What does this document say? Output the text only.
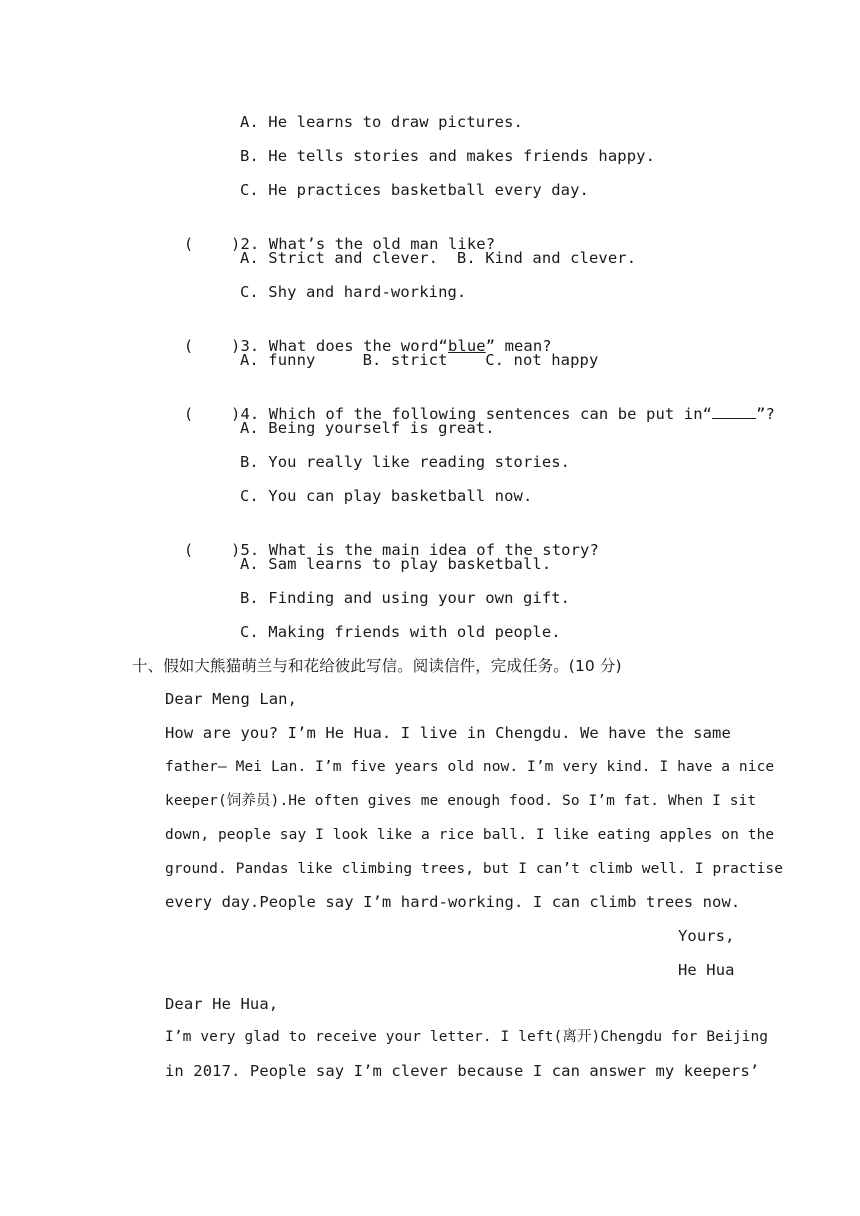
A. He learns to draw pictures.
B. He tells stories and makes friends happy.
C. He practices basketball every day.

(    )2. What’s the old man like?

A. Strict and clever.  B. Kind and clever.
C. Shy and hard-working.

(    )3. What does the word“blue” mean?

A. funny     B. strict    C. not happy

(    )4. Which of the following sentences can be put in“	”?

A. Being yourself is great.
B. You really like reading stories.
C. You can play basketball now.

(    )5. What is the main idea of the story?

A. Sam learns to play basketball.
B. Finding and using your own gift.
C. Making friends with old people.
十、假如大熊猫萌兰与和花给彼此写信。阅读信件，完成任务。(10 分)
Dear Meng Lan,
How are you? I’m He Hua. I live in Chengdu. We have the same
father— Mei Lan. I’m five years old now. I’m very kind. I have a nice
keeper(饲养员).He often gives me enough food. So I’m fat. When I sit
down, people say I look like a rice ball. I like eating apples on the
ground. Pandas like climbing trees, but I can’t climb well. I practise
every day.People say I’m hard-working. I can climb trees now.
Yours,
He Hua
Dear He Hua,
I’m very glad to receive your letter. I left(离开)Chengdu for Beijing
in 2017. People say I’m clever because I can answer my keepers’
